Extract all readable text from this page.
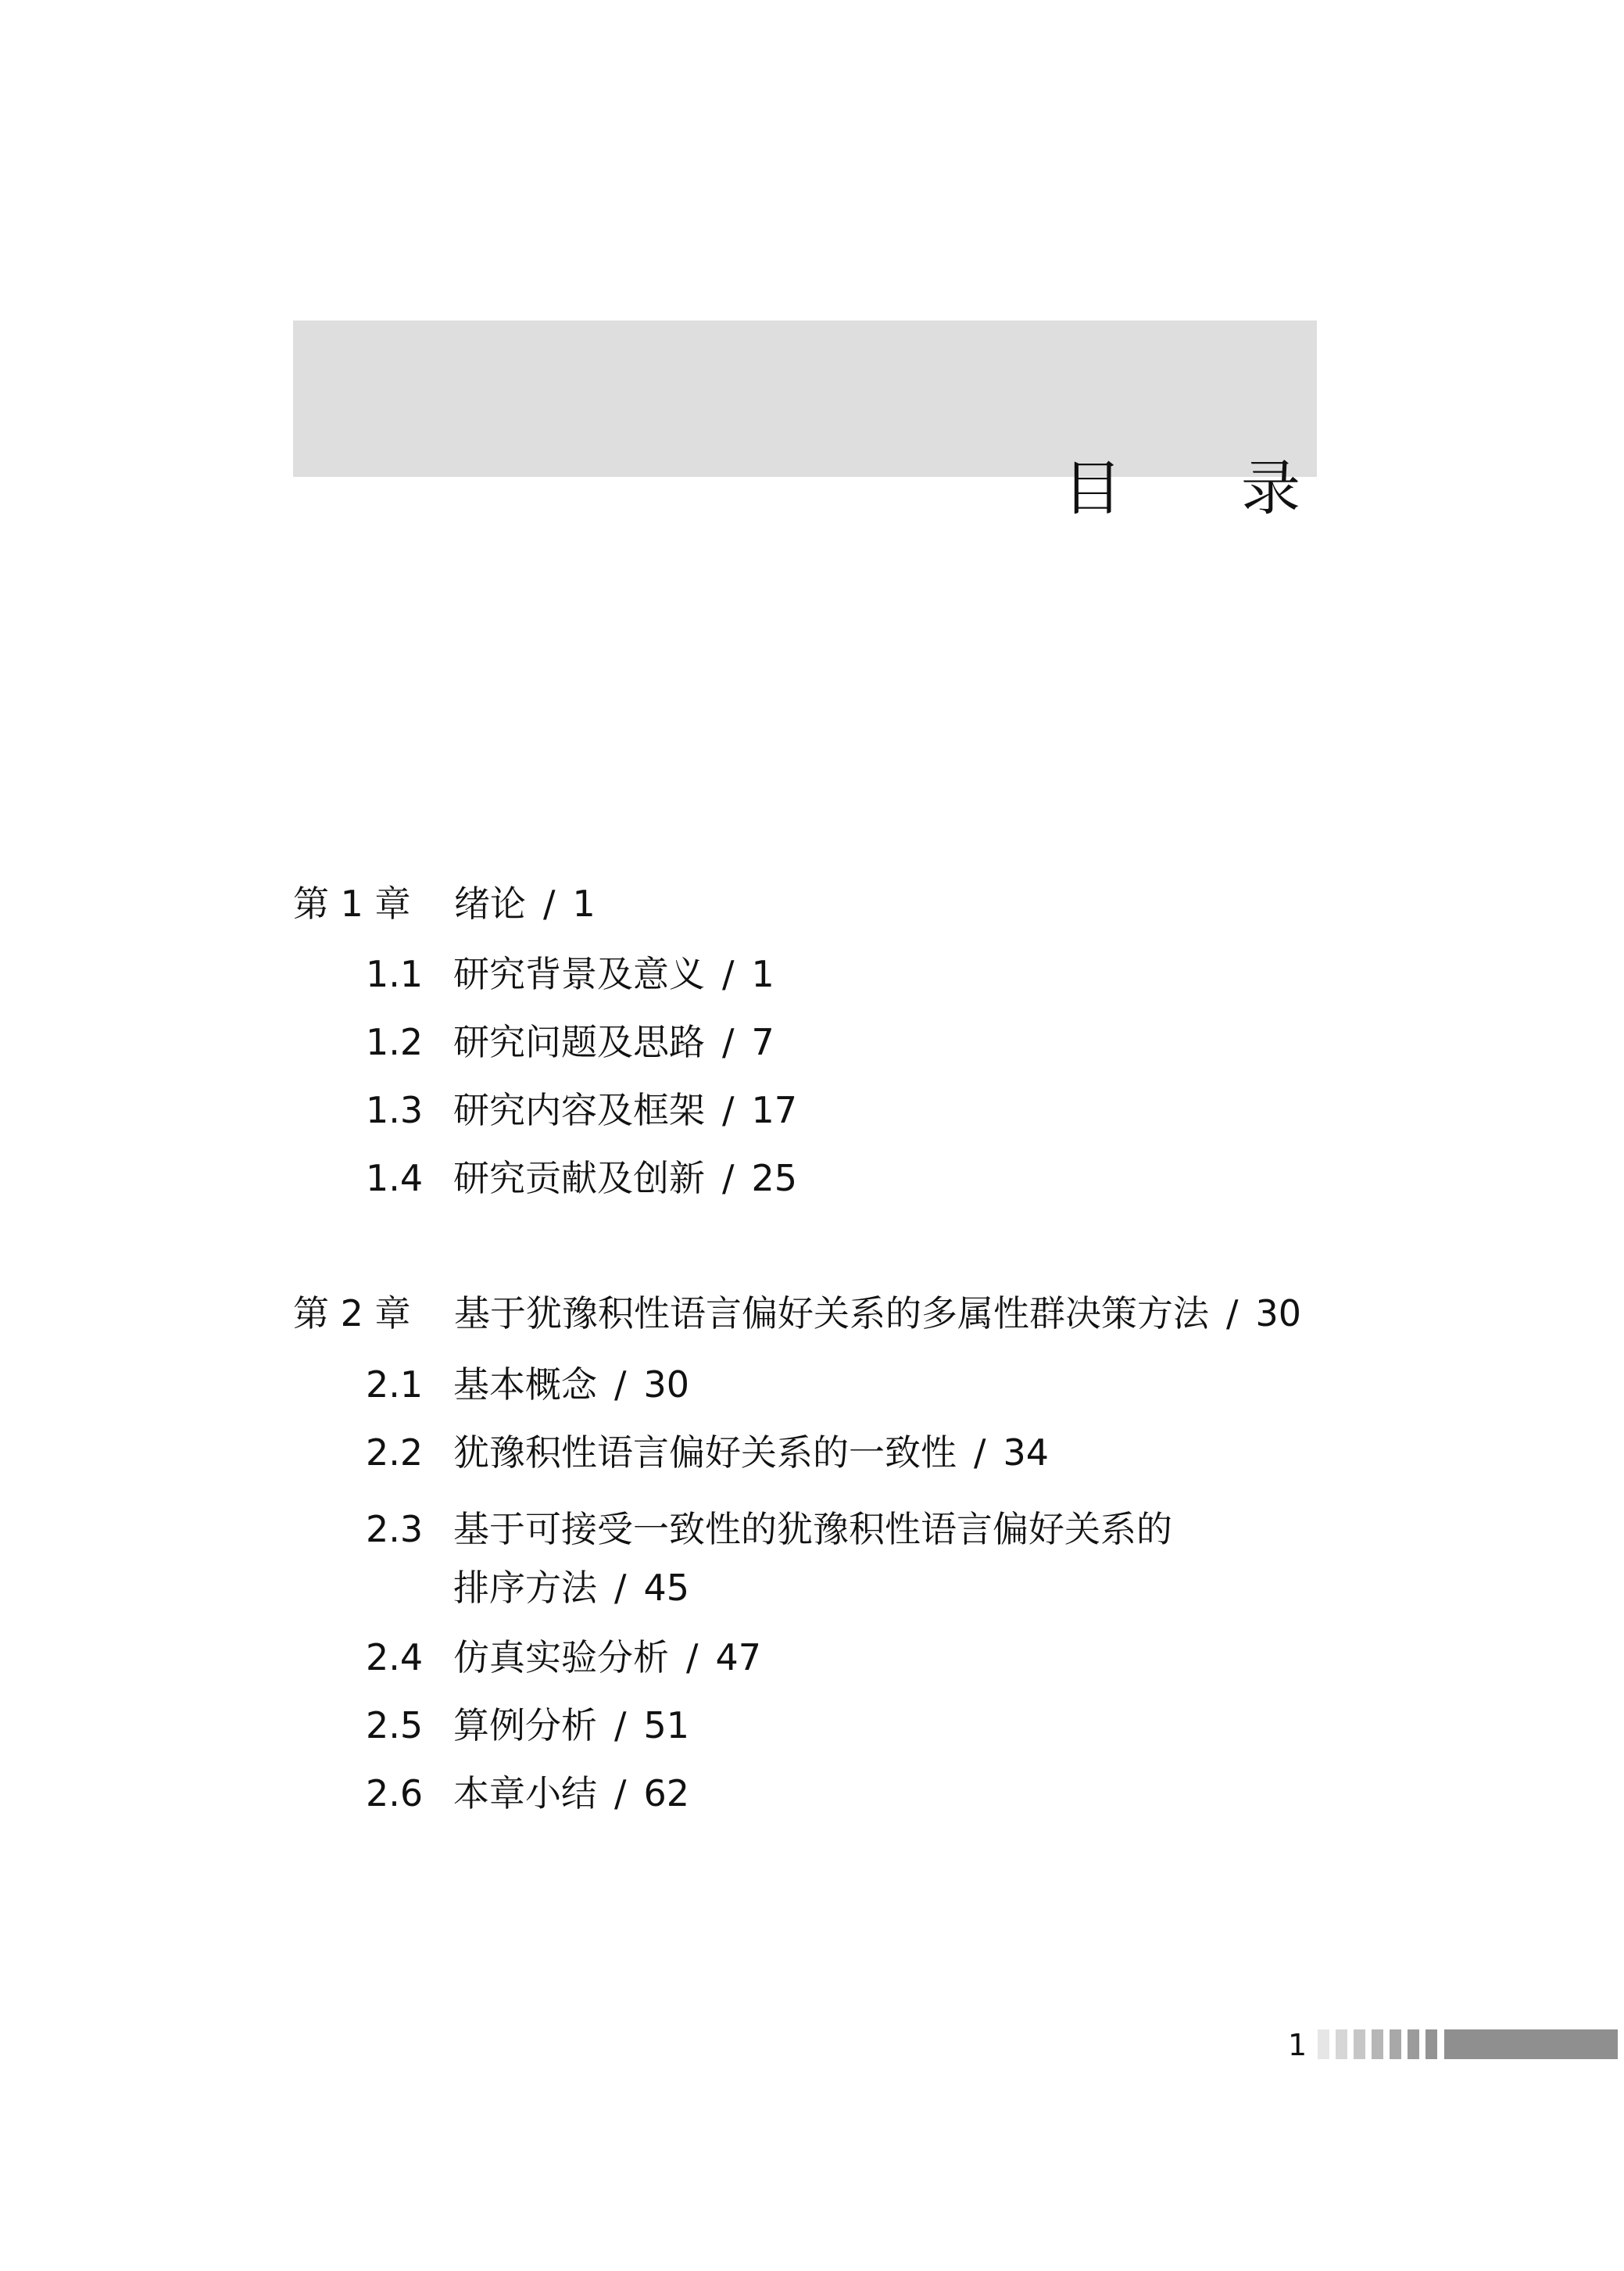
目 录
第 1 章 绪论 / 1
1.1 研究背景及意义 / 1
1.2 研究问题及思路 / 7
1.3 研究内容及框架 / 17
1.4 研究贡献及创新 / 25
第 2 章 基于犹豫积性语言偏好关系的多属性群决策方法 / 30
2.1 基本概念 / 30
2.2 犹豫积性语言偏好关系的一致性 / 34
2.3 基于可接受一致性的犹豫积性语言偏好关系的
排序方法 / 45
2.4 仿真实验分析 / 47
2.5 算例分析 / 51
2.6 本章小结 / 62
1
